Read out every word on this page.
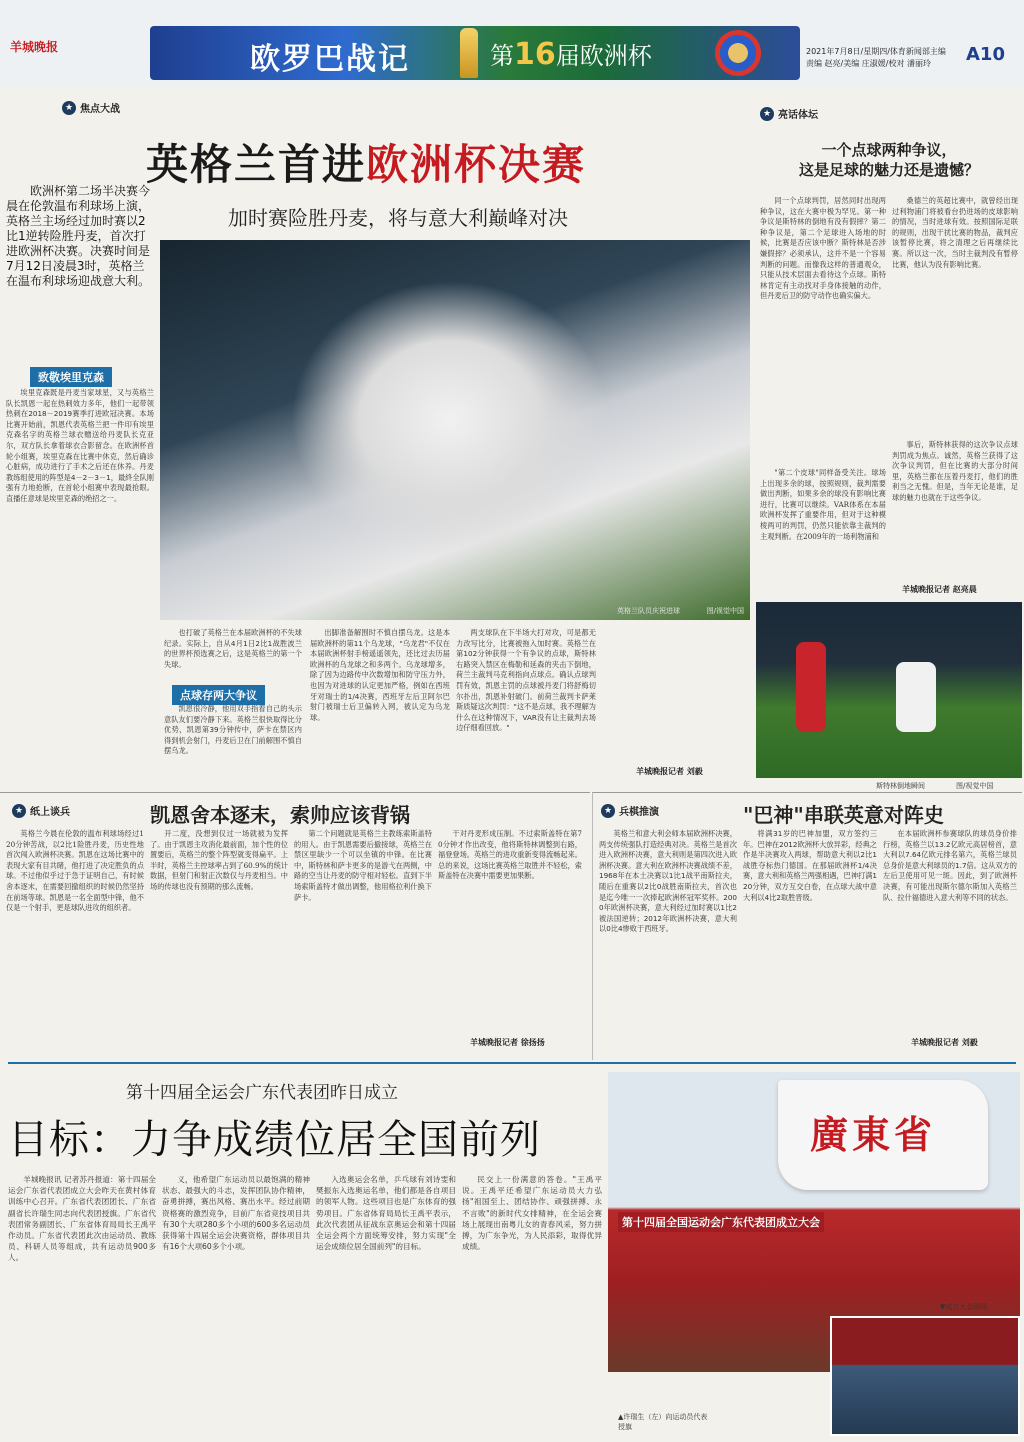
羊城晚报	欧罗巴战记	第16届欧洲杯	2021年7月8日/星期四/体育新闻部主编
责编 赵亮/美编 庄淑媛/校对 潘丽玲 A10
★ 焦点大战
英格兰首进欧洲杯决赛
加时赛险胜丹麦，将与意大利巅峰对决
欧洲杯第二场半决赛今晨在伦敦温布利球场上演，英格兰主场经过加时赛以2比1逆转险胜丹麦，首次打进欧洲杯决赛。决赛时间是7月12日凌晨3时，英格兰在温布利球场迎战意大利。
英格兰队员庆祝进球	图/视觉中国
致敬埃里克森

埃里克森既是丹麦当家球星，又与英格兰队长凯恩一起在热刺效力多年，他们一起带领热刺在2018－2019赛季打进欧冠决赛。本场比赛开始前，凯恩代表英格兰把一件印有埃里克森名字的英格兰球衣赠送给丹麦队长克亚尔，双方队长拿着球衣合影留念。在欧洲杯首轮小组赛，埃里克森在比赛中休克，然后确诊心脏病，成功进行了手术之后还在休养。丹麦教练组使用的阵型是4－2－3－1，最終全队刚强有力地抢断，在首轮小组赛中表现最抢眼。直播任意球是埃里克森的绝招之一。

也打破了英格兰在本届欧洲杯的不失球纪录。实际上，自从4月1日2比1战胜波兰的世界杯预选赛之后，这是英格兰的第一个失球。

点球存两大争议

凯恩很冷静，他用双手指着自己的头示意队友们要冷静下来。英格兰很快取得比分优势，凯恩第39分钟传中，萨卡在禁区内得到机会射门，丹麦后卫在门前解围不慎自摆乌龙。

出脚准备解围时不慎自摆乌龙。这是本届欧洲杯的第11个乌龙球，"乌龙君"不仅在本届欧洲杯射手榜遥遥领先，还比过去历届欧洲杯的乌龙球之和多两个。乌龙球增多，除了因为边路传中次数增加和防守压力外，也因为对进球的认定更加严格，例如在西班牙对瑞士的1/4决赛，西班牙左后卫阿尔巴射门被瑞士后卫偏转入网，被认定为乌龙球。

两支球队在下半场大打对攻，可是都无力改写比分，比赛被拖入加时赛。英格兰在第102分钟获得一个有争议的点球，斯特林右路突入禁区在梅勒和延森的夹击下倒地，荷兰主裁判马克利指向点球点。确认点球判罚有效，凯恩主罚的点球被丹麦门将舒梅切尔扑出，凯恩补射破门。前荷兰裁判卡萨莱斯质疑这次判罚："这不是点球，我不理解为什么在这种情况下，VAR没有让主裁判去场边仔细看回放。"

羊城晚报记者 刘毅
★ 亮话体坛
一个点球两种争议，
这是足球的魅力还是遗憾？

同一个点球判罚，居然同时出现两种争议，这在大赛中极为罕见。第一种争议是斯特林的倒地有没有假摔？第二种争议是，第二个足球进入场地的时候，比赛是否应该中断？斯特林是否涉嫌假摔？必须承认，这并不是一个容易判断的问题。而像我这样的普通观众，只能从技术层面去看待这个点球。斯特林肯定有主动找对手身体接触的动作，但丹麦后卫的防守动作也确实偏大。

"第二个皮球"同样备受关注。球场上出现多余的球，按照规则，裁判需要做出判断，如果多余的球没有影响比赛进行，比赛可以继续。VAR体系在本届欧洲杯发挥了重要作用，但对于这种模棱两可的判罚，仍然只能依靠主裁判的主观判断。在2009年的一场利物浦和

桑德兰的英超比赛中，就曾经出现过利物浦门将被看台扔进场的皮球影响的情况，当时进球有效。按照国际足联的规则，出现干扰比赛的物品，裁判应该暂停比赛，将之清理之后再继续比赛。所以这一次，当时主裁判没有暂停比赛，他认为没有影响比赛。

事后，斯特林获得的这次争议点球判罚成为焦点。诚然，英格兰获得了这次争议判罚，但在比赛的大部分时间里，英格兰都在压着丹麦打，他们的胜利当之无愧。但是，当年无论是谁，足球的魅力也就在于这些争议。

羊城晚报记者 赵亮晨
斯特林倒地瞬间	图/视觉中国
★ 纸上谈兵	凯恩舍本逐末，索帅应该背锅

英格兰今晨在伦敦的温布利球场经过120分钟苦战，以2比1险胜丹麦，历史性地首次闯入欧洲杯决赛。凯恩在这场比赛中的表现大家有目共睹，他打进了决定胜负的点球。不过他似乎过于急于证明自己，有时候舍本逐末，在需要回撤组织的时候仍然坚持在前场等球。凯恩是一名全面型中锋，他不仅是一个射手，更是球队进攻的组织者。

开二度，没想到仅过一场就被为发挥了。由于凯恩主攻消化最前面，加个性的位置要后，英格兰的整个阵型就变得扁平。上半时，英格兰主控球率占到了60.9%的统计数据，但射门和射正次数仅与丹麦相当。中场的传球也没有预期的那么流畅。

第二个问题就是英格兰主教练索斯盖特的用人。由于凯恩需要后撤接球，英格兰在禁区里缺少一个可以坐镇的中锋。在比赛中，斯特林和萨卡更多的是游弋在两侧，中路的空当让丹麦的防守相对轻松。直到下半场索斯盖特才做出调整，他用格拉利什换下萨卡。

干对丹麦形成压制。不过索斯盖特在第70分钟才作出改变，他将斯特林调整到右路，福登登场。英格兰的进攻重新变得流畅起来。总的来说，这场比赛英格兰取胜并不轻松，索斯盖特在决赛中需要更加果断。

羊城晚报记者 徐扬扬
★ 兵棋推演	"巴神"串联英意对阵史

英格兰和意大利会师本届欧洲杯决赛，两支传统强队打造经典对决。英格兰是首次进入欧洲杯决赛，意大利则是第四次进入欧洲杯决赛。意大利在欧洲杯决赛战绩不差，1968年在本土决赛以1比1战平南斯拉夫，随后在重赛以2比0战胜南斯拉夫，首次也是迄今唯一一次捧起欧洲杯冠军奖杯。2000年欧洲杯决赛，意大利经过加时赛以1比2被法国逆转；2012年欧洲杯决赛，意大利以0比4惨败于西班牙。

将满31岁的巴神加盟，双方签约三年。巴神在2012欧洲杯大放异彩，经典之作是半决赛攻入两球，帮助意大利以2比1战胜夺标热门德国。在那届欧洲杯1/4决赛，意大利和英格兰两强相遇，巴神打满120分钟，双方互交白卷，在点球大战中意大利以4比2取胜晋级。

在本届欧洲杯参赛球队的球员身价排行榜，英格兰以13.2亿欧元高居榜首，意大利以7.64亿欧元排名第六，英格兰球员总身价是意大利球员的1.7倍。这从双方的左后卫使用可见一斑。因此，到了欧洲杯决赛，有可能出现斯尔德尔斯加入英格兰队、拉什福德进入意大利等不同的状态。

羊城晚报记者 刘毅
第十四届全运会广东代表团昨日成立
目标：力争成绩位居全国前列

羊城晚报讯 记者苏丹报道：第十四届全运会广东省代表团成立大会昨天在黄村体育训练中心召开。广东省代表团团长、广东省副省长许瑞生同志向代表团授旗。广东省代表团常务副团长、广东省体育局局长王禹平作动员。广东省代表团此次由运动员、教练员、科研人员等组成，共有运动员900多人。

义，他希望广东运动员以最饱满的精神状态、最强大的斗志，发挥团队协作精神，奋勇拼搏，赛出风格、赛出水平。经过前期资格赛的激烈竞争，目前广东省竞技项目共有30个大项280多个小项的600多名运动员获得第十四届全运会决赛资格，群体项目共有16个大项60多个小项。

入选奥运会名单，乒乓球有刘诗雯和樊振东入选奥运名单，他们都是各自项目的领军人物。这些项目也是广东体育的强势项目。广东省体育局局长王禹平表示，此次代表团从征战东京奥运会和第十四届全运会两个方面统筹安排，努力实现"全运会成绩位居全国前列"的目标。

民交上一份满意的答卷。"王禹平说。王禹平还希望广东运动员大力弘扬"祖国至上、团结协作、顽强拼搏、永不言败"的新时代女排精神，在全运会赛场上展现出南粤儿女的青春风采，努力拼搏，为广东争光，为人民添彩，取得优异成绩。

廣東省
第十四届全国运动会广东代表团成立大会
▲许瑞生（左）向运动员代表授旗
▼成立大会现场
